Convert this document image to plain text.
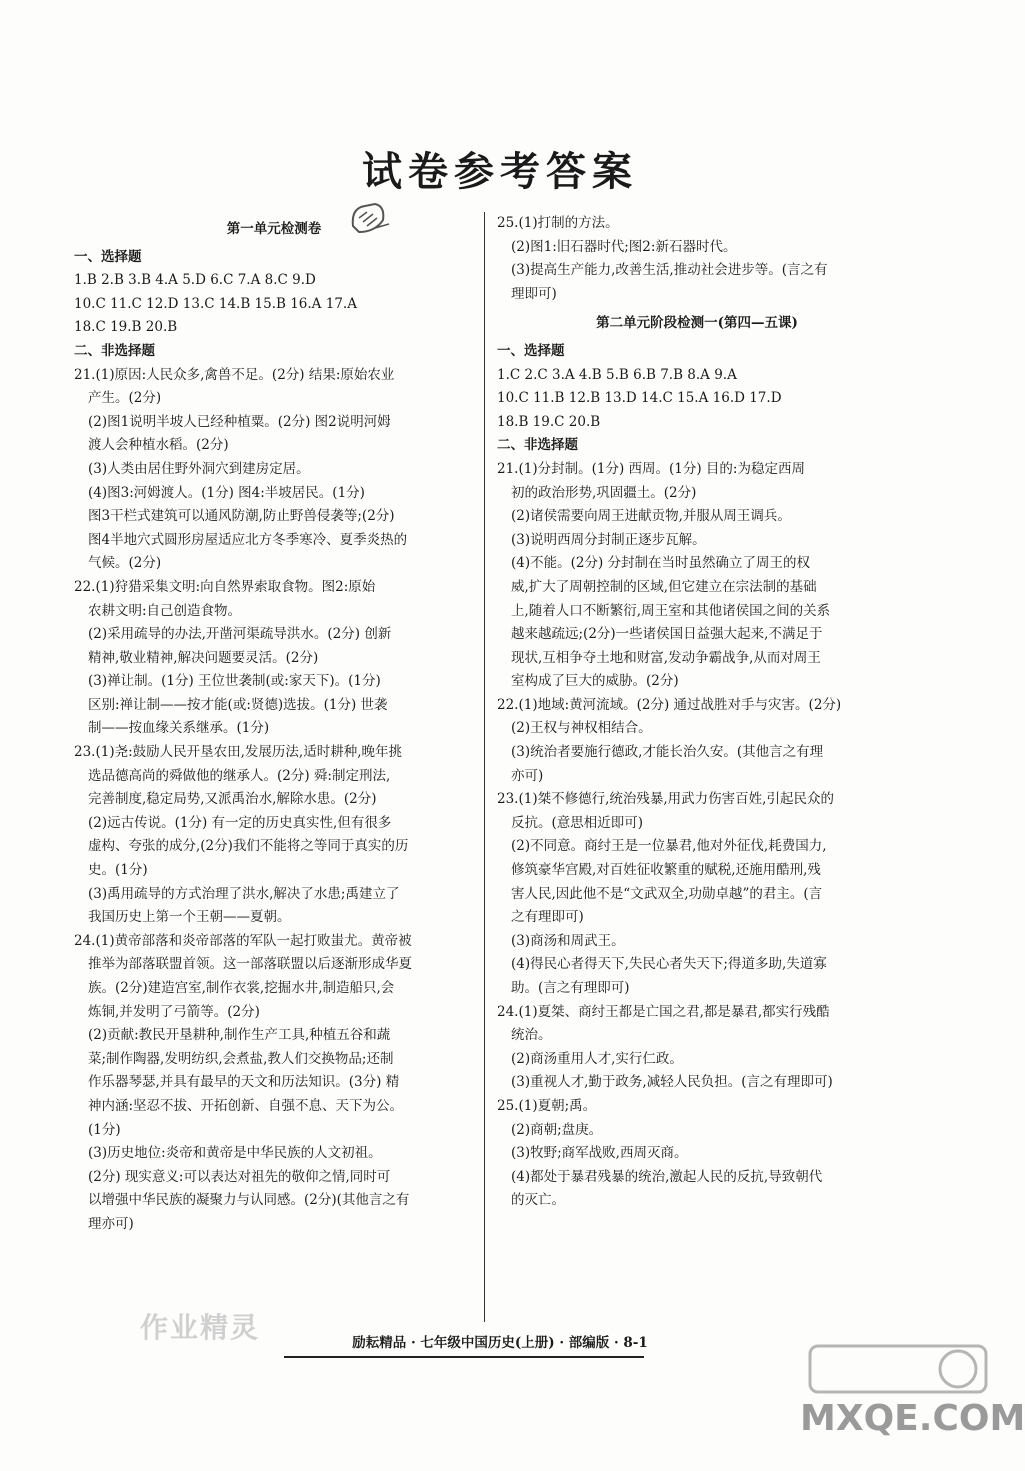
试卷参考答案

第一单元检测卷

一、选择题

1.B 2.B 3.B 4.A 5.D 6.C 7.A 8.C 9.D

10.C 11.C 12.D 13.C 14.B 15.B 16.A 17.A

18.C 19.B 20.B

二、非选择题

21.(1)原因:人民众多,禽兽不足。(2分) 结果:原始农业

产生。(2分)

(2)图1说明半坡人已经种植粟。(2分) 图2说明河姆

渡人会种植水稻。(2分)

(3)人类由居住野外洞穴到建房定居。

(4)图3:河姆渡人。(1分) 图4:半坡居民。(1分)

图3干栏式建筑可以通风防潮,防止野兽侵袭等;(2分)

图4半地穴式圆形房屋适应北方冬季寒冷、夏季炎热的

气候。(2分)

22.(1)狩猎采集文明:向自然界索取食物。图2:原始

农耕文明:自己创造食物。

(2)采用疏导的办法,开凿河渠疏导洪水。(2分) 创新

精神,敬业精神,解决问题要灵活。(2分)

(3)禅让制。(1分) 王位世袭制(或:家天下)。(1分)

区别:禅让制——按才能(或:贤德)选拔。(1分) 世袭

制——按血缘关系继承。(1分)

23.(1)尧:鼓励人民开垦农田,发展历法,适时耕种,晚年挑

选品德高尚的舜做他的继承人。(2分) 舜:制定刑法,

完善制度,稳定局势,又派禹治水,解除水患。(2分)

(2)远古传说。(1分) 有一定的历史真实性,但有很多

虚构、夸张的成分,(2分)我们不能将之等同于真实的历

史。(1分)

(3)禹用疏导的方式治理了洪水,解决了水患;禹建立了

我国历史上第一个王朝——夏朝。

24.(1)黄帝部落和炎帝部落的军队一起打败蚩尤。黄帝被

推举为部落联盟首领。这一部落联盟以后逐渐形成华夏

族。(2分)建造宫室,制作衣裳,挖掘水井,制造船只,会

炼铜,并发明了弓箭等。(2分)

(2)贡献:教民开垦耕种,制作生产工具,种植五谷和蔬

菜;制作陶器,发明纺织,会煮盐,教人们交换物品;还制

作乐器琴瑟,并具有最早的天文和历法知识。(3分) 精

神内涵:坚忍不拔、开拓创新、自强不息、天下为公。

(1分)

(3)历史地位:炎帝和黄帝是中华民族的人文初祖。

(2分) 现实意义:可以表达对祖先的敬仰之情,同时可

以增强中华民族的凝聚力与认同感。(2分)(其他言之有

理亦可)

25.(1)打制的方法。

(2)图1:旧石器时代;图2:新石器时代。

(3)提高生产能力,改善生活,推动社会进步等。(言之有

理即可)

第二单元阶段检测一(第四—五课)

一、选择题

1.C 2.C 3.A 4.B 5.B 6.B 7.B 8.A 9.A

10.C 11.B 12.B 13.D 14.C 15.A 16.D 17.D

18.B 19.C 20.B

二、非选择题

21.(1)分封制。(1分) 西周。(1分) 目的:为稳定西周

初的政治形势,巩固疆土。(2分)

(2)诸侯需要向周王进献贡物,并服从周王调兵。

(3)说明西周分封制正逐步瓦解。

(4)不能。(2分) 分封制在当时虽然确立了周王的权

威,扩大了周朝控制的区域,但它建立在宗法制的基础

上,随着人口不断繁衍,周王室和其他诸侯国之间的关系

越来越疏远;(2分)一些诸侯国日益强大起来,不满足于

现状,互相争夺土地和财富,发动争霸战争,从而对周王

室构成了巨大的威胁。(2分)

22.(1)地域:黄河流域。(2分) 通过战胜对手与灾害。(2分)

(2)王权与神权相结合。

(3)统治者要施行德政,才能长治久安。(其他言之有理

亦可)

23.(1)桀不修德行,统治残暴,用武力伤害百姓,引起民众的

反抗。(意思相近即可)

(2)不同意。商纣王是一位暴君,他对外征伐,耗费国力,

修筑豪华宫殿,对百姓征收繁重的赋税,还施用酷刑,残

害人民,因此他不是“文武双全,功勋卓越”的君主。(言

之有理即可)

(3)商汤和周武王。

(4)得民心者得天下,失民心者失天下;得道多助,失道寡

助。(言之有理即可)

24.(1)夏桀、商纣王都是亡国之君,都是暴君,都实行残酷

统治。

(2)商汤重用人才,实行仁政。

(3)重视人才,勤于政务,减轻人民负担。(言之有理即可)

25.(1)夏朝;禹。

(2)商朝;盘庚。

(3)牧野;商军战败,西周灭商。

(4)都处于暴君残暴的统治,激起人民的反抗,导致朝代

的灭亡。

作业精灵	励耘精品 · 七年级中国历史(上册) · 部编版 · 8-1
MXQE.COM
